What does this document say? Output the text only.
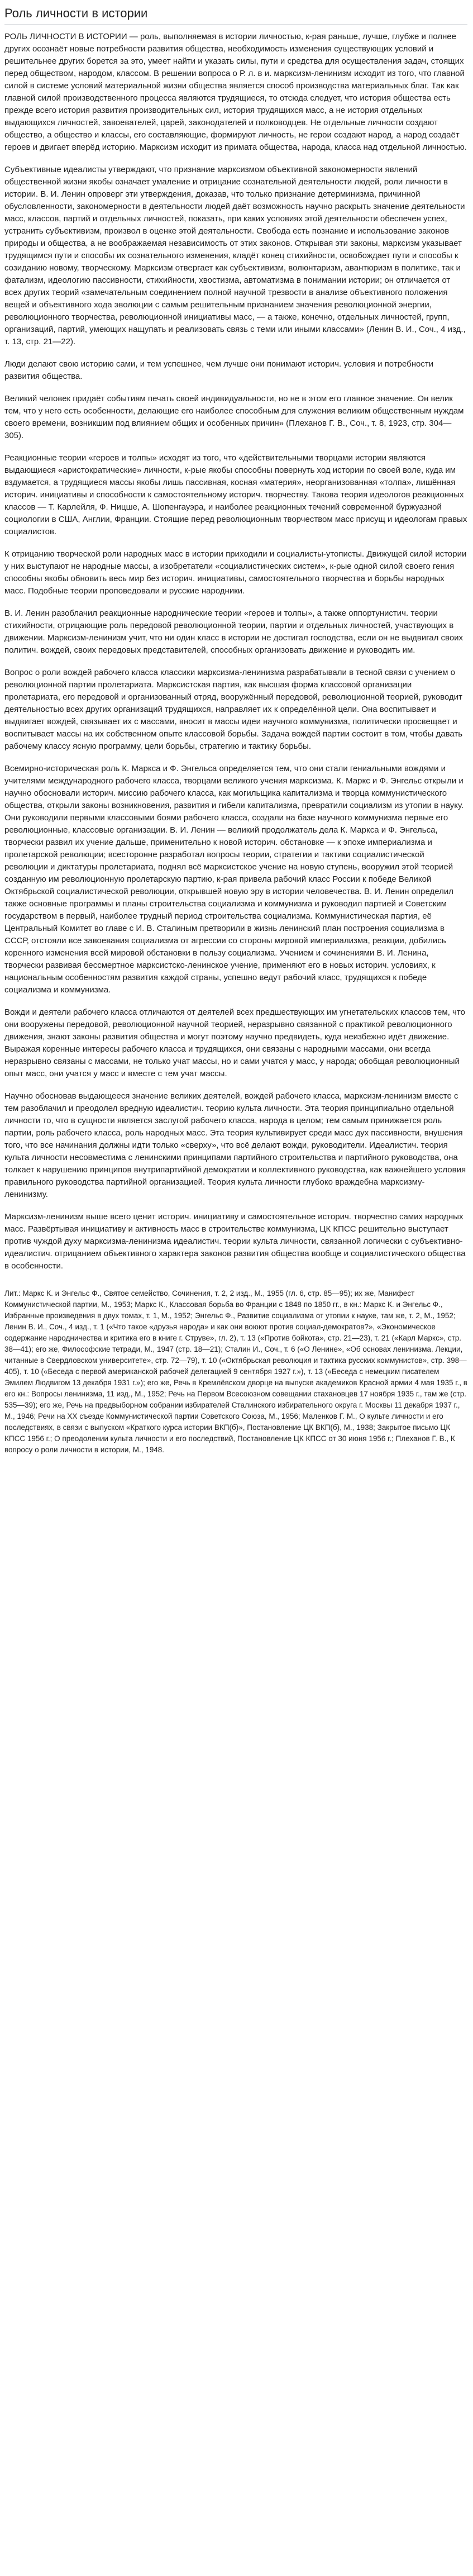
Роль личности в истории

РОЛЬ ЛИЧНОСТИ В ИСТОРИИ — роль, выполняемая в истории личностью, к-рая раньше, лучше, глубже и полнее других осознаёт новые потребности развития общества, необходимость изменения существующих условий и решительнее других борется за это, умеет найти и указать силы, пути и средства для осуществления задач, стоящих перед обществом, народом, классом. В решении вопроса о Р. л. в и. марксизм-ленинизм исходит из того, что главной силой в системе условий материальной жизни общества является способ производства материальных благ. Так как главной силой производственного процесса являются трудящиеся, то отсюда следует, что история общества есть прежде всего история развития производительных сил, история трудящихся масс, а не история отдельных выдающихся личностей, завоевателей, царей, законодателей и полководцев. Не отдельные личности создают общество, а общество и классы, его составляющие, формируют личность, не герои создают народ, а народ создаёт героев и двигает вперёд историю. Марксизм исходит из примата общества, народа, класса над отдельной личностью.

Субъективные идеалисты утверждают, что признание марксизмом объективной закономерности явлений общественной жизни якобы означает умаление и отрицание сознательной деятельности людей, роли личности в истории. В. И. Ленин опроверг эти утверждения, доказав, что только признание детерминизма, причинной обусловленности, закономерности в деятельности людей даёт возможность научно раскрыть значение деятельности масс, классов, партий и отдельных личностей, показать, при каких условиях этой деятельности обеспечен успех, устранить субъективизм, произвол в оценке этой деятельности. Свобода есть познание и использование законов природы и общества, а не воображаемая независимость от этих законов. Открывая эти законы, марксизм указывает трудящимся пути и способы их сознательного изменения, кладёт конец стихийности, освобождает пути и способы к созиданию новому, творческому. Марксизм отвергает как субъективизм, волюнтаризм, авантюризм в политике, так и фатализм, идеологию пассивности, стихийности, хвостизма, автоматизма в понимании истории; он отличается от всех других теорий «замечательным соединением полной научной трезвости в анализе объективного положения вещей и объективного хода эволюции с самым решительным признанием значения революционной энергии, революционного творчества, революционной инициативы масс, — а также, конечно, отдельных личностей, групп, организаций, партий, умеющих нащупать и реализовать связь с теми или иными классами» (Ленин В. И., Соч., 4 изд., т. 13, стр. 21—22).

Люди делают свою историю сами, и тем успешнее, чем лучше они понимают историч. условия и потребности развития общества.

Великий человек придаёт событиям печать своей индивидуальности, но не в этом его главное значение. Он велик тем, что у него есть особенности, делающие его наиболее способным для служения великим общественным нуждам своего времени, возникшим под влиянием общих и особенных причин» (Плеханов Г. В., Соч., т. 8, 1923, стр. 304—305).

Реакционные теории «героев и толпы» исходят из того, что «действительными творцами истории являются выдающиеся «аристократические» личности, к-рые якобы способны повернуть ход истории по своей воле, куда им вздумается, а трудящиеся массы якобы лишь пассивная, косная «материя», неорганизованная «толпа», лишённая историч. инициативы и способности к самостоятельному историч. творчеству. Такова теория идеологов реакционных классов — Т. Карлейля, Ф. Ницше, А. Шопенгауэра, и наиболее реакционных течений современной буржуазной социологии в США, Англии, Франции. Стоящие перед революционным творчеством масс присущ и идеологам правых социалистов.

К отрицанию творческой роли народных масс в истории приходили и социалисты-утописты. Движущей силой истории у них выступают не народные массы, а изобретатели «социалистических систем», к-рые одной силой своего гения способны якобы обновить весь мир без историч. инициативы, самостоятельного творчества и борьбы народных масс. Подобные теории проповедовали и русские народники.

В. И. Ленин разоблачил реакционные народнические теории «героев и толпы», а также оппортунистич. теории стихийности, отрицающие роль передовой революционной теории, партии и отдельных личностей, участвующих в движении. Марксизм-ленинизм учит, что ни один класс в истории не достигал господства, если он не выдвигал своих политич. вождей, своих передовых представителей, способных организовать движение и руководить им.

Вопрос о роли вождей рабочего класса классики марксизма-ленинизма разрабатывали в тесной связи с учением о революционной партии пролетариата. Марксистская партия, как высшая форма классовой организации пролетариата, его передовой и организованный отряд, вооружённый передовой, революционной теорией, руководит деятельностью всех других организаций трудящихся, направляет их к определённой цели. Она воспитывает и выдвигает вождей, связывает их с массами, вносит в массы идеи научного коммунизма, политически просвещает и воспитывает массы на их собственном опыте классовой борьбы. Задача вождей партии состоит в том, чтобы давать рабочему классу ясную программу, цели борьбы, стратегию и тактику борьбы.

Всемирно-историческая роль К. Маркса и Ф. Энгельса определяется тем, что они стали гениальными вождями и учителями международного рабочего класса, творцами великого учения марксизма. К. Маркс и Ф. Энгельс открыли и научно обосновали историч. миссию рабочего класса, как могильщика капитализма и творца коммунистического общества, открыли законы возникновения, развития и гибели капитализма, превратили социализм из утопии в науку. Они руководили первыми классовыми боями рабочего класса, создали на базе научного коммунизма первые его революционные, классовые организации. В. И. Ленин — великий продолжатель дела К. Маркса и Ф. Энгельса, творчески развил их учение дальше, применительно к новой историч. обстановке — к эпохе империализма и пролетарской революции; всесторонне разработал вопросы теории, стратегии и тактики социалистической революции и диктатуры пролетариата, поднял всё марксистское учение на новую ступень, вооружил этой теорией созданную им революционную пролетарскую партию, к-рая привела рабочий класс России к победе Великой Октябрьской социалистической революции, открывшей новую эру в истории человечества. В. И. Ленин определил также основные программы и планы строительства социализма и коммунизма и руководил партией и Советским государством в первый, наиболее трудный период строительства социализма. Коммунистическая партия, её Центральный Комитет во главе с И. В. Сталиным претворили в жизнь ленинский план построения социализма в СССР, отстояли все завоевания социализма от агрессии со стороны мировой империализма, реакции, добились коренного изменения всей мировой обстановки в пользу социализма. Учением и сочинениями В. И. Ленина, творчески развивая бессмертное марксистско-ленинское учение, применяют его в новых историч. условиях, к национальным особенностям развития каждой страны, успешно ведут рабочий класс, трудящихся к победе социализма и коммунизма.

Вожди и деятели рабочего класса отличаются от деятелей всех предшествующих им угнетательских классов тем, что они вооружены передовой, революционной научной теорией, неразрывно связанной с практикой революционного движения, знают законы развития общества и могут поэтому научно предвидеть, куда неизбежно идёт движение. Выражая коренные интересы рабочего класса и трудящихся, они связаны с народными массами, они всегда неразрывно связаны с массами, не только учат массы, но и сами учатся у масс, у народа; обобщая революционный опыт масс, они учатся у масс и вместе с тем учат массы.

Научно обосновав выдающееся значение великих деятелей, вождей рабочего класса, марксизм-ленинизм вместе с тем разоблачил и преодолел вредную идеалистич. теорию культа личности. Эта теория принципиально отдельной личности то, что в сущности является заслугой рабочего класса, народа в целом; тем самым принижается роль партии, роль рабочего класса, роль народных масс. Эта теория культивирует среди масс дух пассивности, внушения того, что все начинания должны идти только «сверху», что всё делают вожди, руководители. Идеалистич. теория культа личности несовместима с ленинскими принципами партийного строительства и партийного руководства, она толкает к нарушению принципов внутрипартийной демократии и коллективного руководства, как важнейшего условия правильного руководства партийной организацией. Теория культа личности глубоко враждебна марксизму-ленинизму.

Марксизм-ленинизм выше всего ценит историч. инициативу и самостоятельное историч. творчество самих народных масс. Развёртывая инициативу и активность масс в строительстве коммунизма, ЦК КПСС решительно выступает против чуждой духу марксизма-ленинизма идеалистич. теории культа личности, связанной логически с субъективно-идеалистич. отрицанием объективного характера законов развития общества вообще и социалистического общества в особенности.

Лит.: Маркс К. и Энгельс Ф., Святое семейство, Сочинения, т. 2, 2 изд., М., 1955 (гл. 6, стр. 85—95); их же, Манифест Коммунистической партии, М., 1953; Маркс К., Классовая борьба во Франции с 1848 по 1850 гг., в кн.: Маркс К. и Энгельс Ф., Избранные произведения в двух томах, т. 1, М., 1952; Энгельс Ф., Развитие социализма от утопии к науке, там же, т. 2, М., 1952; Ленин В. И., Соч., 4 изд., т. 1 («Что такое «друзья народа» и как они воюют против социал-демократов?», «Экономическое содержание народничества и критика его в книге г. Струве», гл. 2), т. 13 («Против бойкота», стр. 21—23), т. 21 («Карл Маркс», стр. 38—41); его же, Философские тетради, М., 1947 (стр. 18—21); Сталин И., Соч., т. 6 («О Ленине», «Об основах ленинизма. Лекции, читанные в Свердловском университете», стр. 72—79), т. 10 («Октябрьская революция и тактика русских коммунистов», стр. 398—405), т. 10 («Беседа с первой американской рабочей делегацией 9 сентября 1927 г.»), т. 13 («Беседа с немецким писателем Эмилем Людвигом 13 декабря 1931 г.»); его же, Речь в Кремлёвском дворце на выпуске академиков Красной армии 4 мая 1935 г., в его кн.: Вопросы ленинизма, 11 изд., М., 1952; Речь на Первом Всесоюзном совещании стахановцев 17 ноября 1935 г., там же (стр. 535—39); его же, Речь на предвыборном собрании избирателей Сталинского избирательного округа г. Москвы 11 декабря 1937 г., М., 1946; Речи на XX съезде Коммунистической партии Советского Союза, М., 1956; Маленков Г. М., О культе личности и его последствиях, в связи с выпуском «Краткого курса истории ВКП(б)», Постановление ЦК ВКП(б), М., 1938; Закрытое письмо ЦК КПСС 1956 г.; О преодолении культа личности и его последствий, Постановление ЦК КПСС от 30 июня 1956 г.; Плеханов Г. В., К вопросу о роли личности в истории, М., 1948.
